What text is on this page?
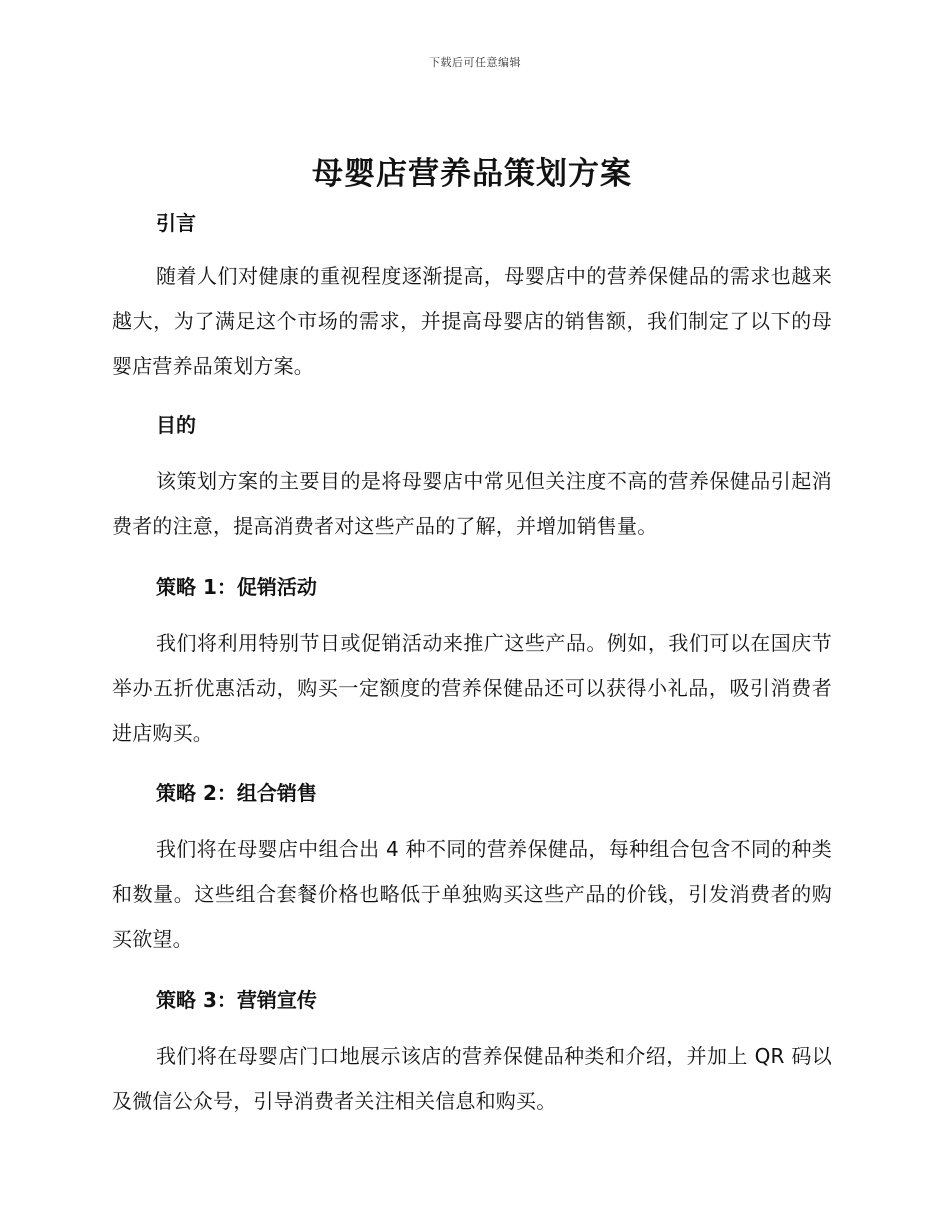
下载后可任意编辑
母婴店营养品策划方案
引言

随着人们对健康的重视程度逐渐提高，母婴店中的营养保健品的需求也越来越大，为了满足这个市场的需求，并提高母婴店的销售额，我们制定了以下的母婴店营养品策划方案。

目的

该策划方案的主要目的是将母婴店中常见但关注度不高的营养保健品引起消费者的注意，提高消费者对这些产品的了解，并增加销售量。

策略 1：促销活动

我们将利用特别节日或促销活动来推广这些产品。例如，我们可以在国庆节举办五折优惠活动，购买一定额度的营养保健品还可以获得小礼品，吸引消费者进店购买。

策略 2：组合销售

我们将在母婴店中组合出 4 种不同的营养保健品，每种组合包含不同的种类和数量。这些组合套餐价格也略低于单独购买这些产品的价钱，引发消费者的购买欲望。

策略 3：营销宣传

我们将在母婴店门口地展示该店的营养保健品种类和介绍，并加上 QR 码以及微信公众号，引导消费者关注相关信息和购买。
